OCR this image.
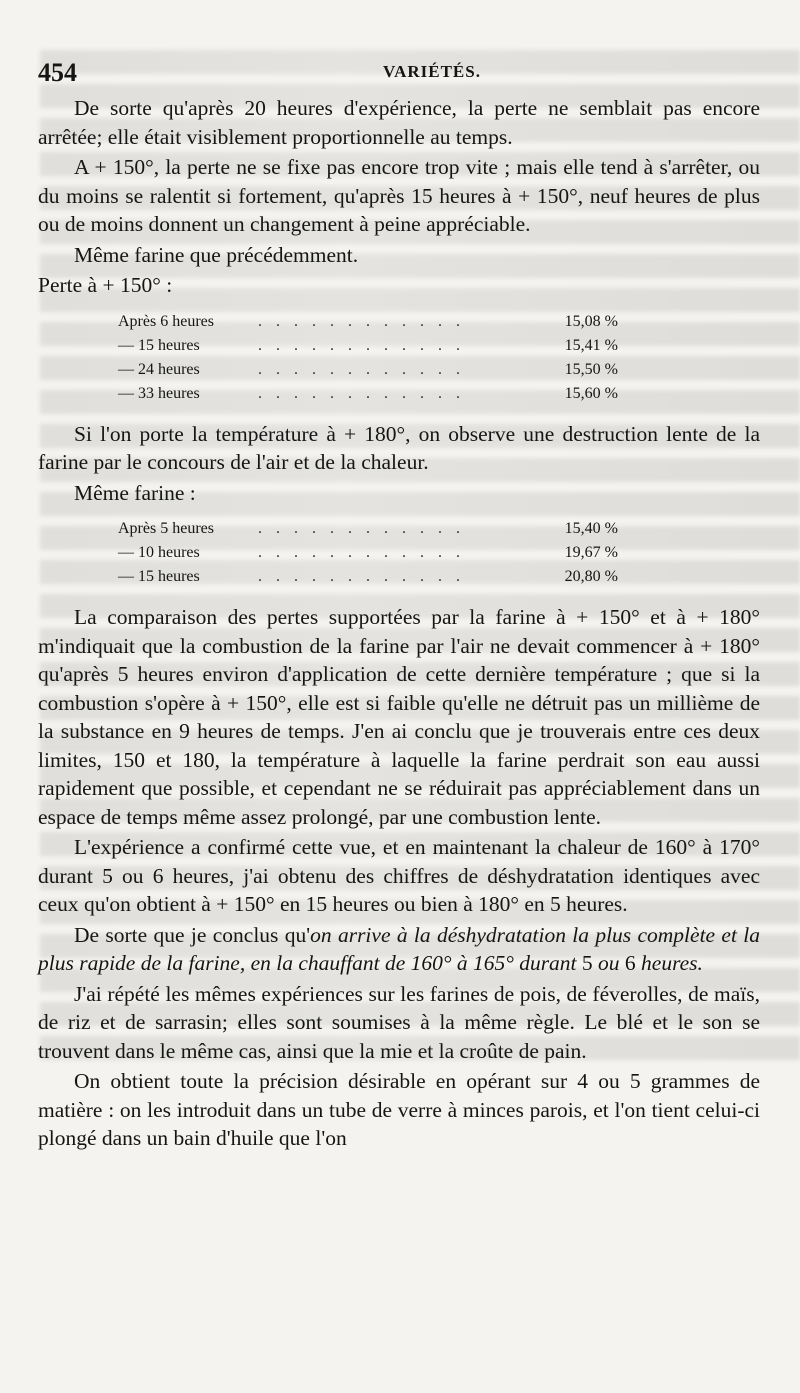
454	VARIÉTÉS.

De sorte qu'après 20 heures d'expérience, la perte ne semblait pas encore arrêtée; elle était visiblement proportionnelle au temps.

A + 150°, la perte ne se fixe pas encore trop vite ; mais elle tend à s'arrêter, ou du moins se ralentit si fortement, qu'après 15 heures à + 150°, neuf heures de plus ou de moins donnent un changement à peine appréciable.

Même farine que précédemment.

Perte à + 150° :

Après 6 heures	. . . . . . . . . . . .	15,08 %
— 15 heures	. . . . . . . . . . . .	15,41 %
— 24 heures	. . . . . . . . . . . .	15,50 %
— 33 heures	. . . . . . . . . . . .	15,60 %

Si l'on porte la température à + 180°, on observe une destruction lente de la farine par le concours de l'air et de la chaleur.

Même farine :

Après 5 heures	. . . . . . . . . . . .	15,40 %
— 10 heures	. . . . . . . . . . . .	19,67 %
— 15 heures	. . . . . . . . . . . .	20,80 %

La comparaison des pertes supportées par la farine à + 150° et à + 180° m'indiquait que la combustion de la farine par l'air ne devait commencer à + 180° qu'après 5 heures environ d'application de cette dernière température ; que si la combustion s'opère à + 150°, elle est si faible qu'elle ne détruit pas un millième de la substance en 9 heures de temps. J'en ai conclu que je trouverais entre ces deux limites, 150 et 180, la température à laquelle la farine perdrait son eau aussi rapidement que possible, et cependant ne se réduirait pas appréciablement dans un espace de temps même assez prolongé, par une combustion lente.

L'expérience a confirmé cette vue, et en maintenant la chaleur de 160° à 170° durant 5 ou 6 heures, j'ai obtenu des chiffres de déshydratation identiques avec ceux qu'on obtient à + 150° en 15 heures ou bien à 180° en 5 heures.

De sorte que je conclus qu'on arrive à la déshydratation la plus complète et la plus rapide de la farine, en la chauffant de 160° à 165° durant 5 ou 6 heures.

J'ai répété les mêmes expériences sur les farines de pois, de féverolles, de maïs, de riz et de sarrasin; elles sont soumises à la même règle. Le blé et le son se trouvent dans le même cas, ainsi que la mie et la croûte de pain.

On obtient toute la précision désirable en opérant sur 4 ou 5 grammes de matière : on les introduit dans un tube de verre à minces parois, et l'on tient celui-ci plongé dans un bain d'huile que l'on
